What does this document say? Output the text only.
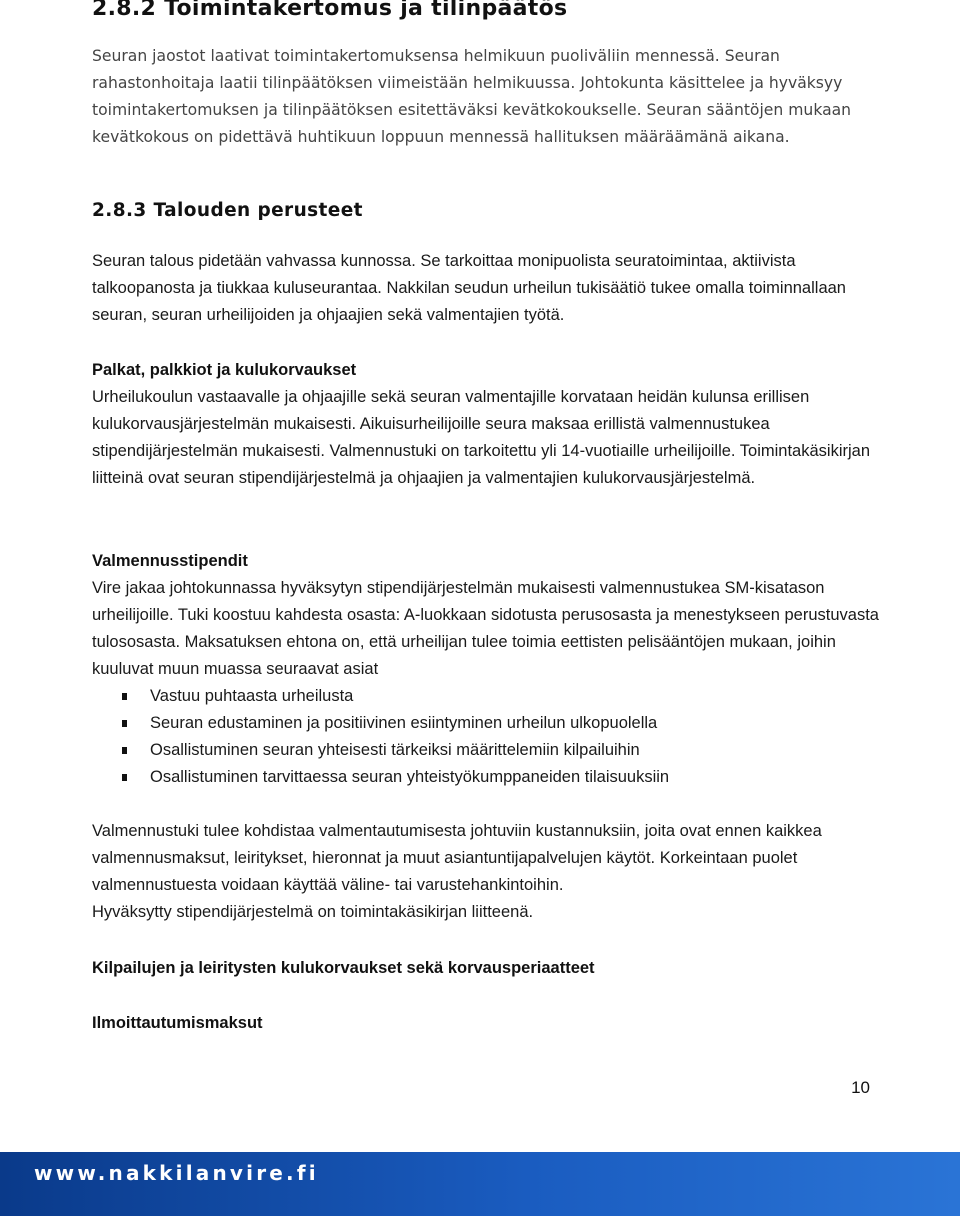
2.8.2 Toimintakertomus ja tilinpäätös

Seuran jaostot laativat toimintakertomuksensa helmikuun puoliväliin mennessä. Seuran rahastonhoitaja laatii tilinpäätöksen viimeistään helmikuussa. Johtokunta käsittelee ja hyväksyy toimintakertomuksen ja tilinpäätöksen esitettäväksi kevätkokoukselle. Seuran sääntöjen mukaan kevätkokous on pidettävä huhtikuun loppuun mennessä hallituksen määräämänä aikana.

2.8.3 Talouden perusteet

Seuran talous pidetään vahvassa kunnossa. Se tarkoittaa monipuolista seuratoimintaa, aktiivista talkoopanosta ja tiukkaa kuluseurantaa. Nakkilan seudun urheilun tukisäätiö tukee omalla toiminnallaan seuran, seuran urheilijoiden ja ohjaajien sekä valmentajien työtä.

Palkat, palkkiot ja kulukorvaukset

Urheilukoulun vastaavalle ja ohjaajille sekä seuran valmentajille korvataan heidän kulunsa erillisen kulukorvausjärjestelmän mukaisesti. Aikuisurheilijoille seura maksaa erillistä valmennustukea stipendijärjestelmän mukaisesti. Valmennustuki on tarkoitettu yli 14-vuotiaille urheilijoille. Toimintakäsikirjan liitteinä ovat seuran stipendijärjestelmä ja ohjaajien ja valmentajien kulukorvausjärjestelmä.

Valmennusstipendit

Vire jakaa johtokunnassa hyväksytyn stipendijärjestelmän mukaisesti valmennustukea SM-kisatason urheilijoille. Tuki koostuu kahdesta osasta: A-luokkaan sidotusta perusosasta ja menestykseen perustuvasta tulososasta. Maksatuksen ehtona on, että urheilijan tulee toimia eettisten pelisääntöjen mukaan, joihin kuuluvat muun muassa seuraavat asiat

Vastuu puhtaasta urheilusta
Seuran edustaminen ja positiivinen esiintyminen urheilun ulkopuolella
Osallistuminen seuran yhteisesti tärkeiksi määrittelemiin kilpailuihin
Osallistuminen tarvittaessa seuran yhteistyökumppaneiden tilaisuuksiin
Valmennustuki tulee kohdistaa valmentautumisesta johtuviin kustannuksiin, joita ovat ennen kaikkea valmennusmaksut, leiritykset, hieronnat ja muut asiantuntijapalvelujen käytöt. Korkeintaan puolet valmennustuesta voidaan käyttää väline- tai varustehankintoihin.
Hyväksytty stipendijärjestelmä on toimintakäsikirjan liitteenä.

Kilpailujen ja leiritysten kulukorvaukset sekä korvausperiaatteet

Ilmoittautumismaksut

10
www.nakkilanvire.fi
